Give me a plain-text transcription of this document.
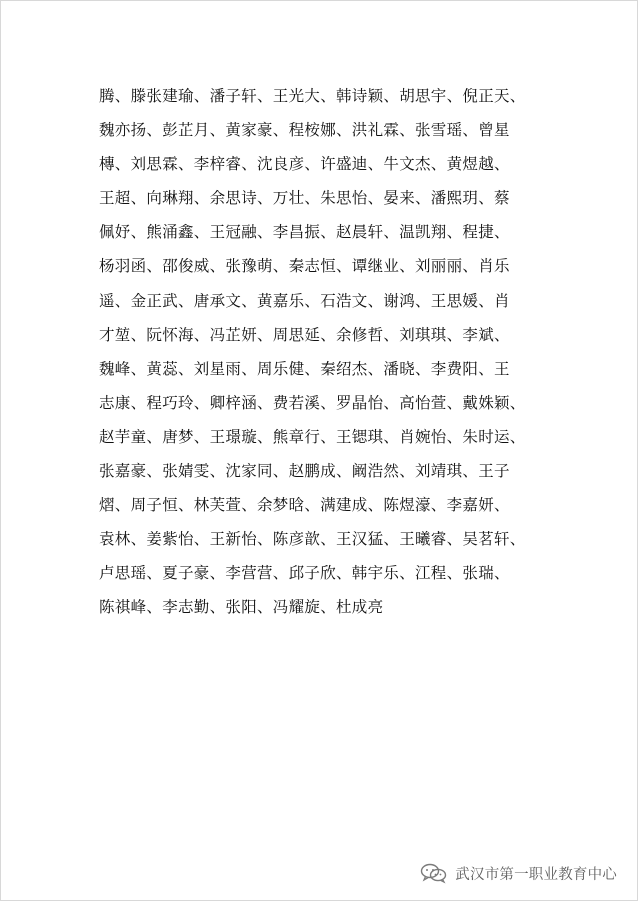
腾、滕张建瑜、潘子轩、王光大、韩诗颖、胡思宇、倪正天、
魏亦扬、彭芷月、黄家豪、程桉娜、洪礼霖、张雪瑶、曾星
槫、刘思霖、李梓睿、沈良彦、许盛迪、牛文杰、黄煜越、
王超、向琳翔、余思诗、万壮、朱思怡、晏来、潘熙玥、蔡
佩妤、熊涌鑫、王冠融、李昌振、赵晨轩、温凯翔、程捷、
杨羽函、邵俊威、张豫萌、秦志恒、谭继业、刘丽丽、肖乐
遥、金正武、唐承文、黄嘉乐、石浩文、谢鸿、王思媛、肖
才堃、阮怀海、冯芷妍、周思延、余修哲、刘琪琪、李斌、
魏峰、黄蕊、刘星雨、周乐健、秦绍杰、潘晓、李费阳、王
志康、程巧玲、卿梓涵、费若溪、罗晶怡、高怡萱、戴姝颖、
赵芋童、唐梦、王璟璇、熊章行、王锶琪、肖婉怡、朱时运、
张嘉豪、张婧雯、沈家同、赵鹏成、阚浩然、刘靖琪、王子
熠、周子恒、林芙萱、余梦晗、满建成、陈煜濠、李嘉妍、
袁林、姜紫怡、王新怡、陈彦歆、王汉猛、王曦睿、吴茗轩、
卢思瑶、夏子豪、李营营、邱子欣、韩宇乐、江程、张瑞、
陈祺峰、李志勤、张阳、冯耀旋、杜成亮
武汉市第一职业教育中心
